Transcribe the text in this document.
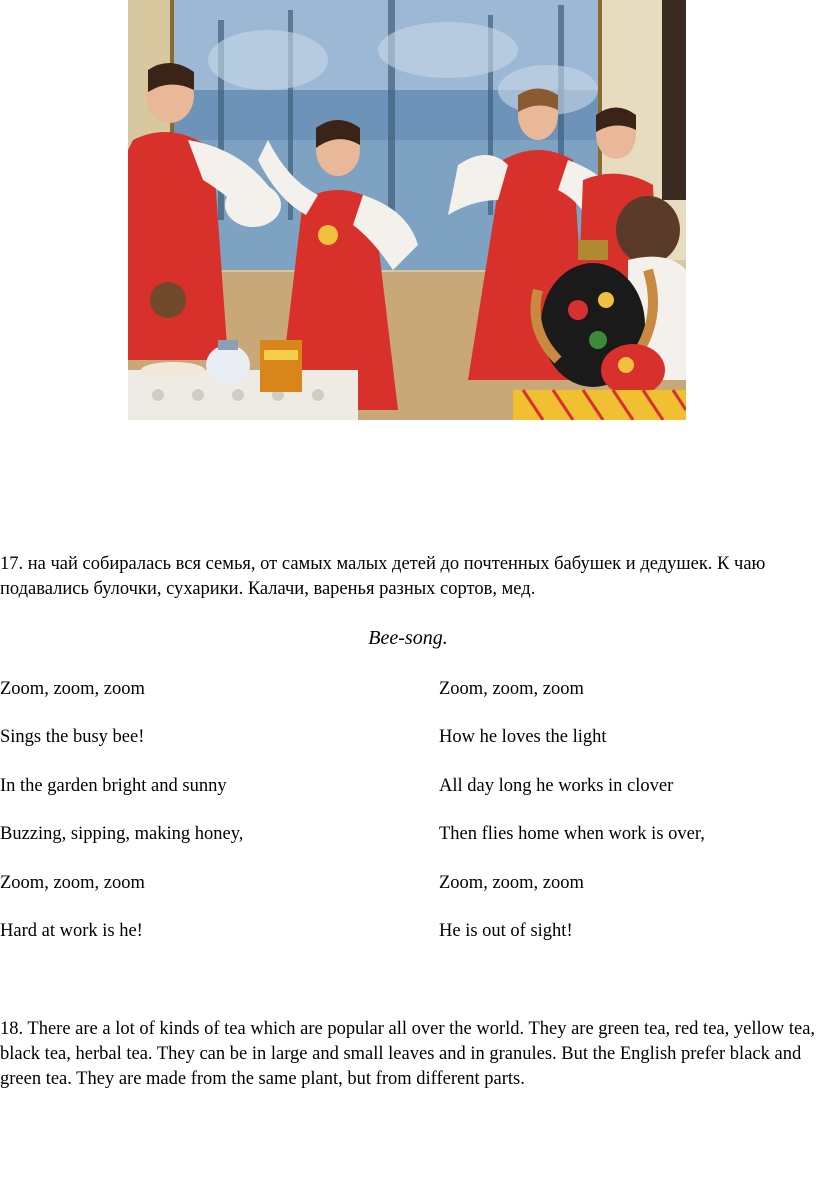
17. на чай собиралась вся семья, от самых малых детей до почтенных бабушек и дедушек. К чаю подавались булочки, сухарики. Калачи, варенья разных сортов, мед.

Bee-song.

Zoom, zoom, zoom
Sings the busy bee!
In the garden bright and sunny
Buzzing, sipping, making honey,
Zoom, zoom, zoom
Hard at work is he!
Zoom, zoom, zoom
How he loves the light
All day long he works in clover
Then flies home when work is over,
Zoom, zoom, zoom
He is out of sight!

18. There are a lot of kinds of tea which are popular all over the world. They are green tea, red tea, yellow tea, black tea, herbal tea. They can be in large and small leaves and in granules. But the English prefer black and green tea. They are made from the same plant, but from different parts.
